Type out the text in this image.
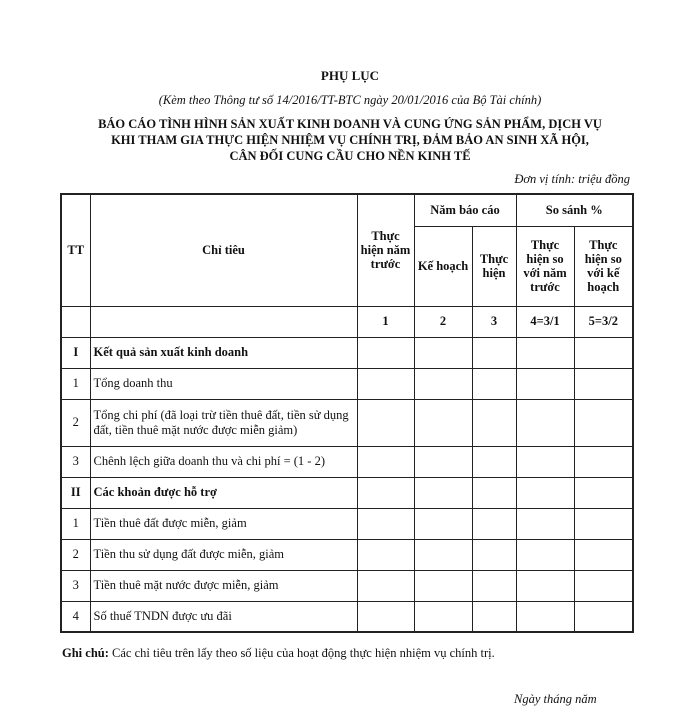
PHỤ LỤC
(Kèm theo Thông tư số 14/2016/TT-BTC ngày 20/01/2016 của Bộ Tài chính)
BÁO CÁO TÌNH HÌNH SẢN XUẤT KINH DOANH VÀ CUNG ỨNG SẢN PHẨM, DỊCH VỤ
KHI THAM GIA THỰC HIỆN NHIỆM VỤ CHÍNH TRỊ, ĐẢM BẢO AN SINH XÃ HỘI,
CÂN ĐỐI CUNG CẦU CHO NỀN KINH TẾ
Đơn vị tính: triệu đồng
TT	Chỉ tiêu	Thực hiện năm trước	Năm báo cáo		So sánh %	
			Kế hoạch	Thực hiện	Thực hiện so với năm trước	Thực hiện so với kế hoạch
		1	2	3	4=3/1	5=3/2
I	Kết quả sản xuất kinh doanh					
1	Tổng doanh thu					
2	Tổng chi phí (đã loại trừ tiền thuê đất, tiền sử dụng đất, tiền thuê mặt nước được miễn giảm)					
3	Chênh lệch giữa doanh thu và chi phí = (1 - 2)					
II	Các khoản được hỗ trợ					
1	Tiền thuê đất được miễn, giảm					
2	Tiền thu sử dụng đất được miễn, giảm					
3	Tiền thuê mặt nước được miễn, giảm					
4	Số thuế TNDN được ưu đãi					
Ghi chú: Các chỉ tiêu trên lấy theo số liệu của hoạt động thực hiện nhiệm vụ chính trị.
Ngày tháng năm
